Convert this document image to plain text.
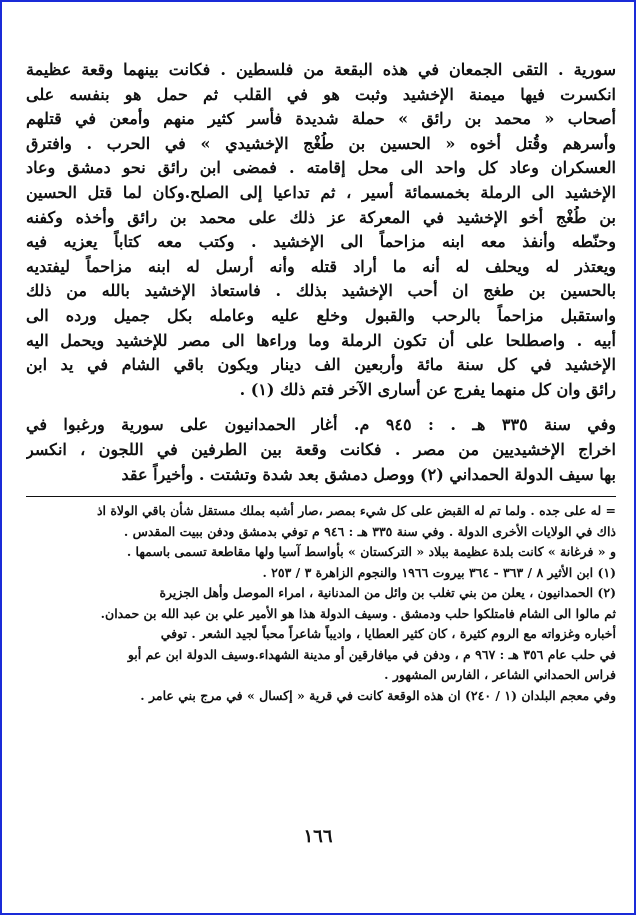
سورية . التقى الجمعان في هذه البقعة من فلسطين . فكانت بينهما وقعة عظيمة
انكسرت فيها ميمنة الإخشيد وثبت هو في القلب ثم حمل هو بنفسه على
أصحاب « محمد بن رائق » حملة شديدة فأسر كثير منهم وأمعن في قتلهم
وأسرهم وقُتل أخوه « الحسين بن طُغْج الإخشيدي » في الحرب . وافترق
العسكران وعاد كل واحد الى محل إقامته . فمضى ابن رائق نحو دمشق وعاد
الإخشيد الى الرملة بخمسمائة أسير ، ثم تداعيا إلى الصلح.وكان لما قتل الحسين
بن طُغْج أخو الإخشيد في المعركة عز ذلك على محمد بن رائق وأخذه وكفنه
وحنّطه وأنفذ معه ابنه مزاحماً الى الإخشيد . وكتب معه كتاباً يعزيه فيه
ويعتذر له ويحلف له أنه ما أراد قتله وأنه أرسل له ابنه مزاحماً ليفتديه
بالحسين بن طغج ان أحب الإخشيد بذلك . فاستعاذ الإخشيد بالله من ذلك
واستقبل مزاحماً بالرحب والقبول وخلع عليه وعامله بكل جميل ورده الى
أبيه . واصطلحا على أن تكون الرملة وما وراءها الى مصر للإخشيد ويحمل اليه
الإخشيد في كل سنة مائة وأربعين الف دينار ويكون باقي الشام في يد ابن
رائق وان كل منهما يفرج عن أسارى الآخر فتم ذلك (١) .
وفي سنة ٣٣٥ هـ . : ٩٤٥ م. أغار الحمدانيون على سورية ورغبوا في
اخراج الإخشيديين من مصر . فكانت وقعة بين الطرفين في اللجون ، انكسر
بها سيف الدولة الحمداني (٢) ووصل دمشق بعد شدة وتشتت . وأخيراً عقد
= له على جده . ولما تم له القبض على كل شيء بمصر ،صار أشبه بملك مستقل شأن باقي الولاة اذ
ذاك في الولايات الأخرى الدولة . وفي سنة ٣٣٥ هـ : ٩٤٦ م توفي بدمشق ودفن ببيت المقدس .
و « فرغانة » كانت بلدة عظيمة ببلاد « التركستان » بأواسط آسيا ولها مقاطعة تسمى باسمها .
(١) ابن الأثير ٨ / ٣٦٣ - ٣٦٤ بيروت ١٩٦٦ والنجوم الزاهرة ٣ / ٢٥٣ .
(٢) الحمدانيون ، يعلن من بني تغلب بن وائل من المدنانية ، امراء الموصل وأهل الجزيرة
ثم مالوا الى الشام فامتلكوا حلب ودمشق . وسيف الدولة هذا هو الأمير علي بن عبد الله بن حمدان.
أخباره وغزواته مع الروم كثيرة ، كان كثير العطايا ، واديباً شاعراً محباً لجيد الشعر . توفي
في حلب عام ٣٥٦ هـ : ٩٦٧ م ، ودفن في ميافارقين أو مدينة الشهداء.وسيف الدولة ابن عم أبو
فراس الحمداني الشاعر ، الفارس المشهور .
وفي معجم البلدان (١ / ٢٤٠) ان هذه الوقعة كانت في قرية « إكسال » في مرج بني عامر .
١٦٦
